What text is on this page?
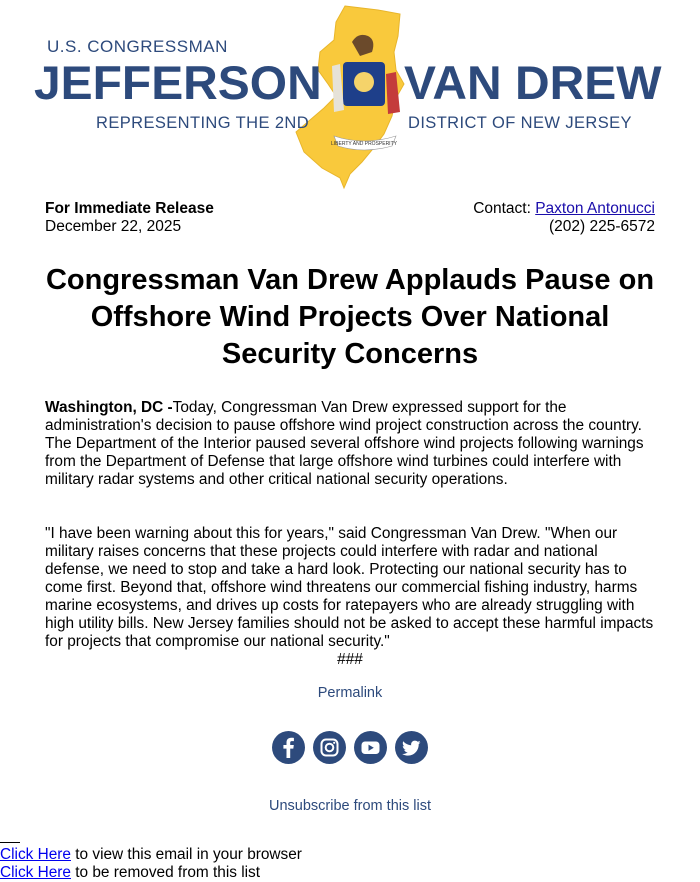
LIBERTY AND PROSPERITY
U.S. CONGRESSMAN
JEFFERSON VAN DREW
REPRESENTING THE 2ND	DISTRICT OF NEW JERSEY
For Immediate Release
December 22, 2025
Contact: Paxton Antonucci
(202) 225-6572
Congressman Van Drew Applauds Pause on Offshore Wind Projects Over National Security Concerns

Washington, DC -Today, Congressman Van Drew expressed support for the administration's decision to pause offshore wind project construction across the country. The Department of the Interior paused several offshore wind projects following warnings from the Department of Defense that large offshore wind turbines could interfere with military radar systems and other critical national security operations.

"I have been warning about this for years," said Congressman Van Drew. "When our military raises concerns that these projects could interfere with radar and national defense, we need to stop and take a hard look. Protecting our national security has to come first. Beyond that, offshore wind threatens our commercial fishing industry, harms marine ecosystems, and drives up costs for ratepayers who are already struggling with high utility bills. New Jersey families should not be asked to accept these harmful impacts for projects that compromise our national security."

###
Permalink
Unsubscribe from this list
Click Here to view this email in your browser
Click Here to be removed from this list
